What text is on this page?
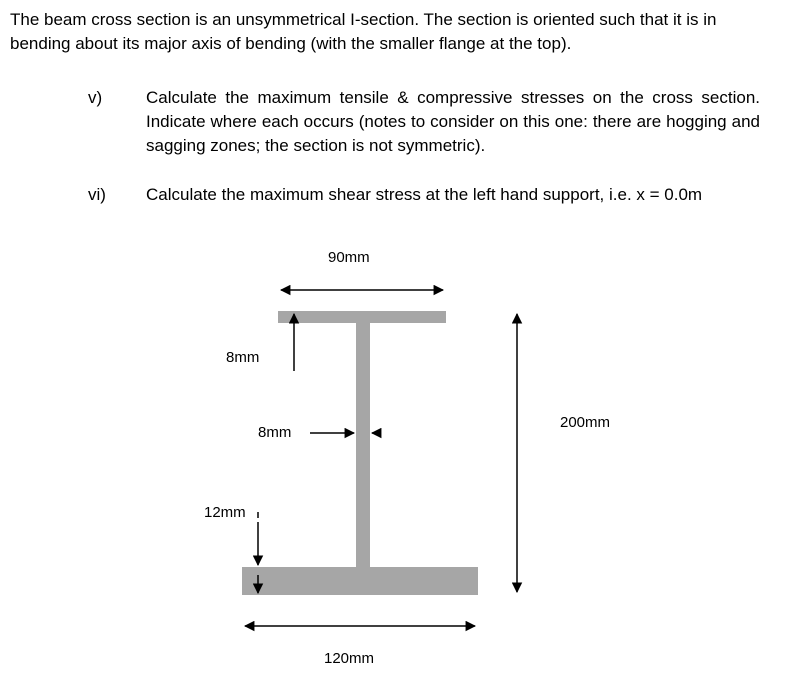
The beam cross section is an unsymmetrical I-section. The section is oriented such that it is in bending about its major axis of bending (with the smaller flange at the top).

v)	Calculate the maximum tensile & compressive stresses on the cross section. Indicate where each occurs (notes to consider on this one: there are hogging and sagging zones; the section is not symmetric).

vi) Calculate the maximum shear stress at the left hand support, i.e. x = 0.0m

90mm
8mm
8mm
200mm
12mm
120mm
